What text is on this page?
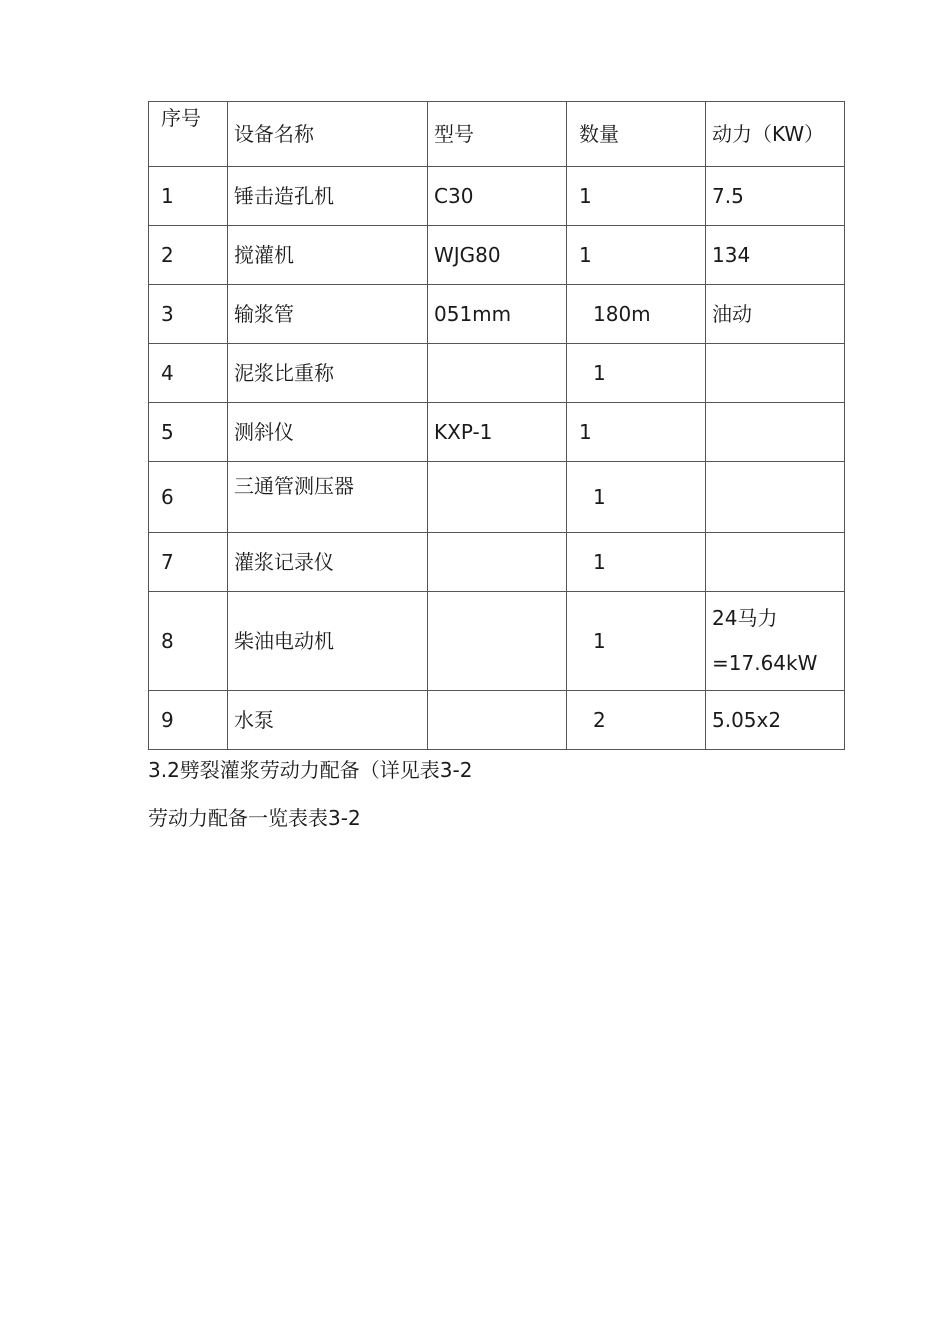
序号	设备名称	型号	数量	动力（KW）
1	锤击造孔机	C30	1	7.5
2	搅灌机	WJG80	1	134
3	输浆管	051mm	180m	油动
4	泥浆比重称		1	
5	测斜仪	KXP-1	1	
6	三通管测压器		1	
7	灌浆记录仪		1	
8	柴油电动机		1	24马力
=17.64kW

9	水泵		2	5.05x2
3.2劈裂灌浆劳动力配备（详见表3-2
劳动力配备一览表表3-2
